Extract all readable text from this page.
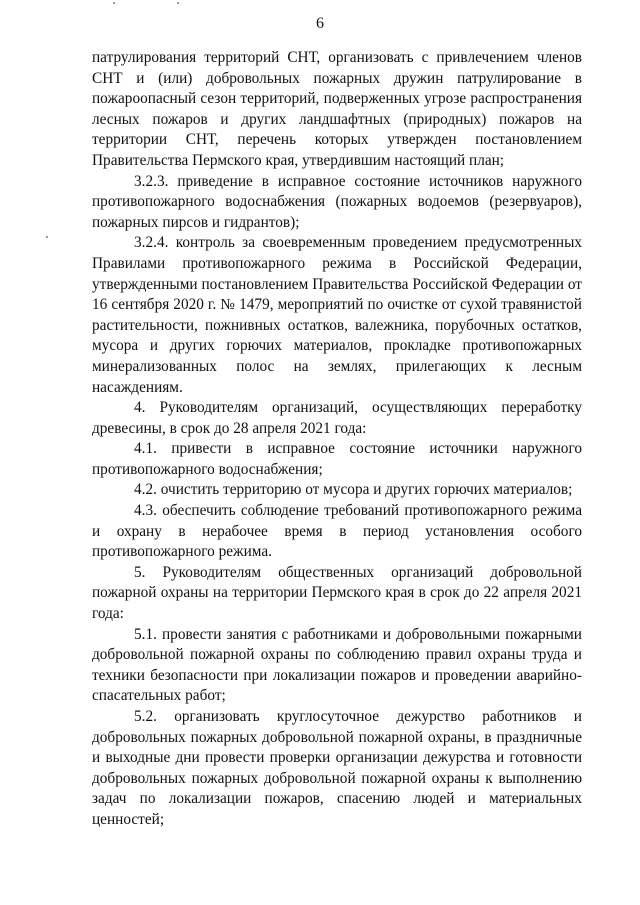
6

патрулирования территорий СНТ, организовать с привлечением членов СНТ и (или) добровольных пожарных дружин патрулирование в пожароопасный сезон территорий, подверженных угрозе распространения лесных пожаров и других ландшафтных (природных) пожаров на территории СНТ, перечень которых утвержден постановлением Правительства Пермского края, утвердившим настоящий план;

3.2.3. приведение в исправное состояние источников наружного противопожарного водоснабжения (пожарных водоемов (резервуаров), пожарных пирсов и гидрантов);

3.2.4. контроль за своевременным проведением предусмотренных Правилами противопожарного режима в Российской Федерации, утвержденными постановлением Правительства Российской Федерации от 16 сентября 2020 г. № 1479, мероприятий по очистке от сухой травянистой растительности, пожнивных остатков, валежника, порубочных остатков, мусора и других горючих материалов, прокладке противопожарных минерализованных полос на землях, прилегающих к лесным насаждениям.

4. Руководителям организаций, осуществляющих переработку древесины, в срок до 28 апреля 2021 года:

4.1. привести в исправное состояние источники наружного противопожарного водоснабжения;

4.2. очистить территорию от мусора и других горючих материалов;

4.3. обеспечить соблюдение требований противопожарного режима и охрану в нерабочее время в период установления особого противопожарного режима.

5. Руководителям общественных организаций добровольной пожарной охраны на территории Пермского края в срок до 22 апреля 2021 года:

5.1. провести занятия с работниками и добровольными пожарными добровольной пожарной охраны по соблюдению правил охраны труда и техники безопасности при локализации пожаров и проведении аварийно-спасательных работ;

5.2. организовать круглосуточное дежурство работников и добровольных пожарных добровольной пожарной охраны, в праздничные и выходные дни провести проверки организации дежурства и готовности добровольных пожарных добровольной пожарной охраны к выполнению задач по локализации пожаров, спасению людей и материальных ценностей;
